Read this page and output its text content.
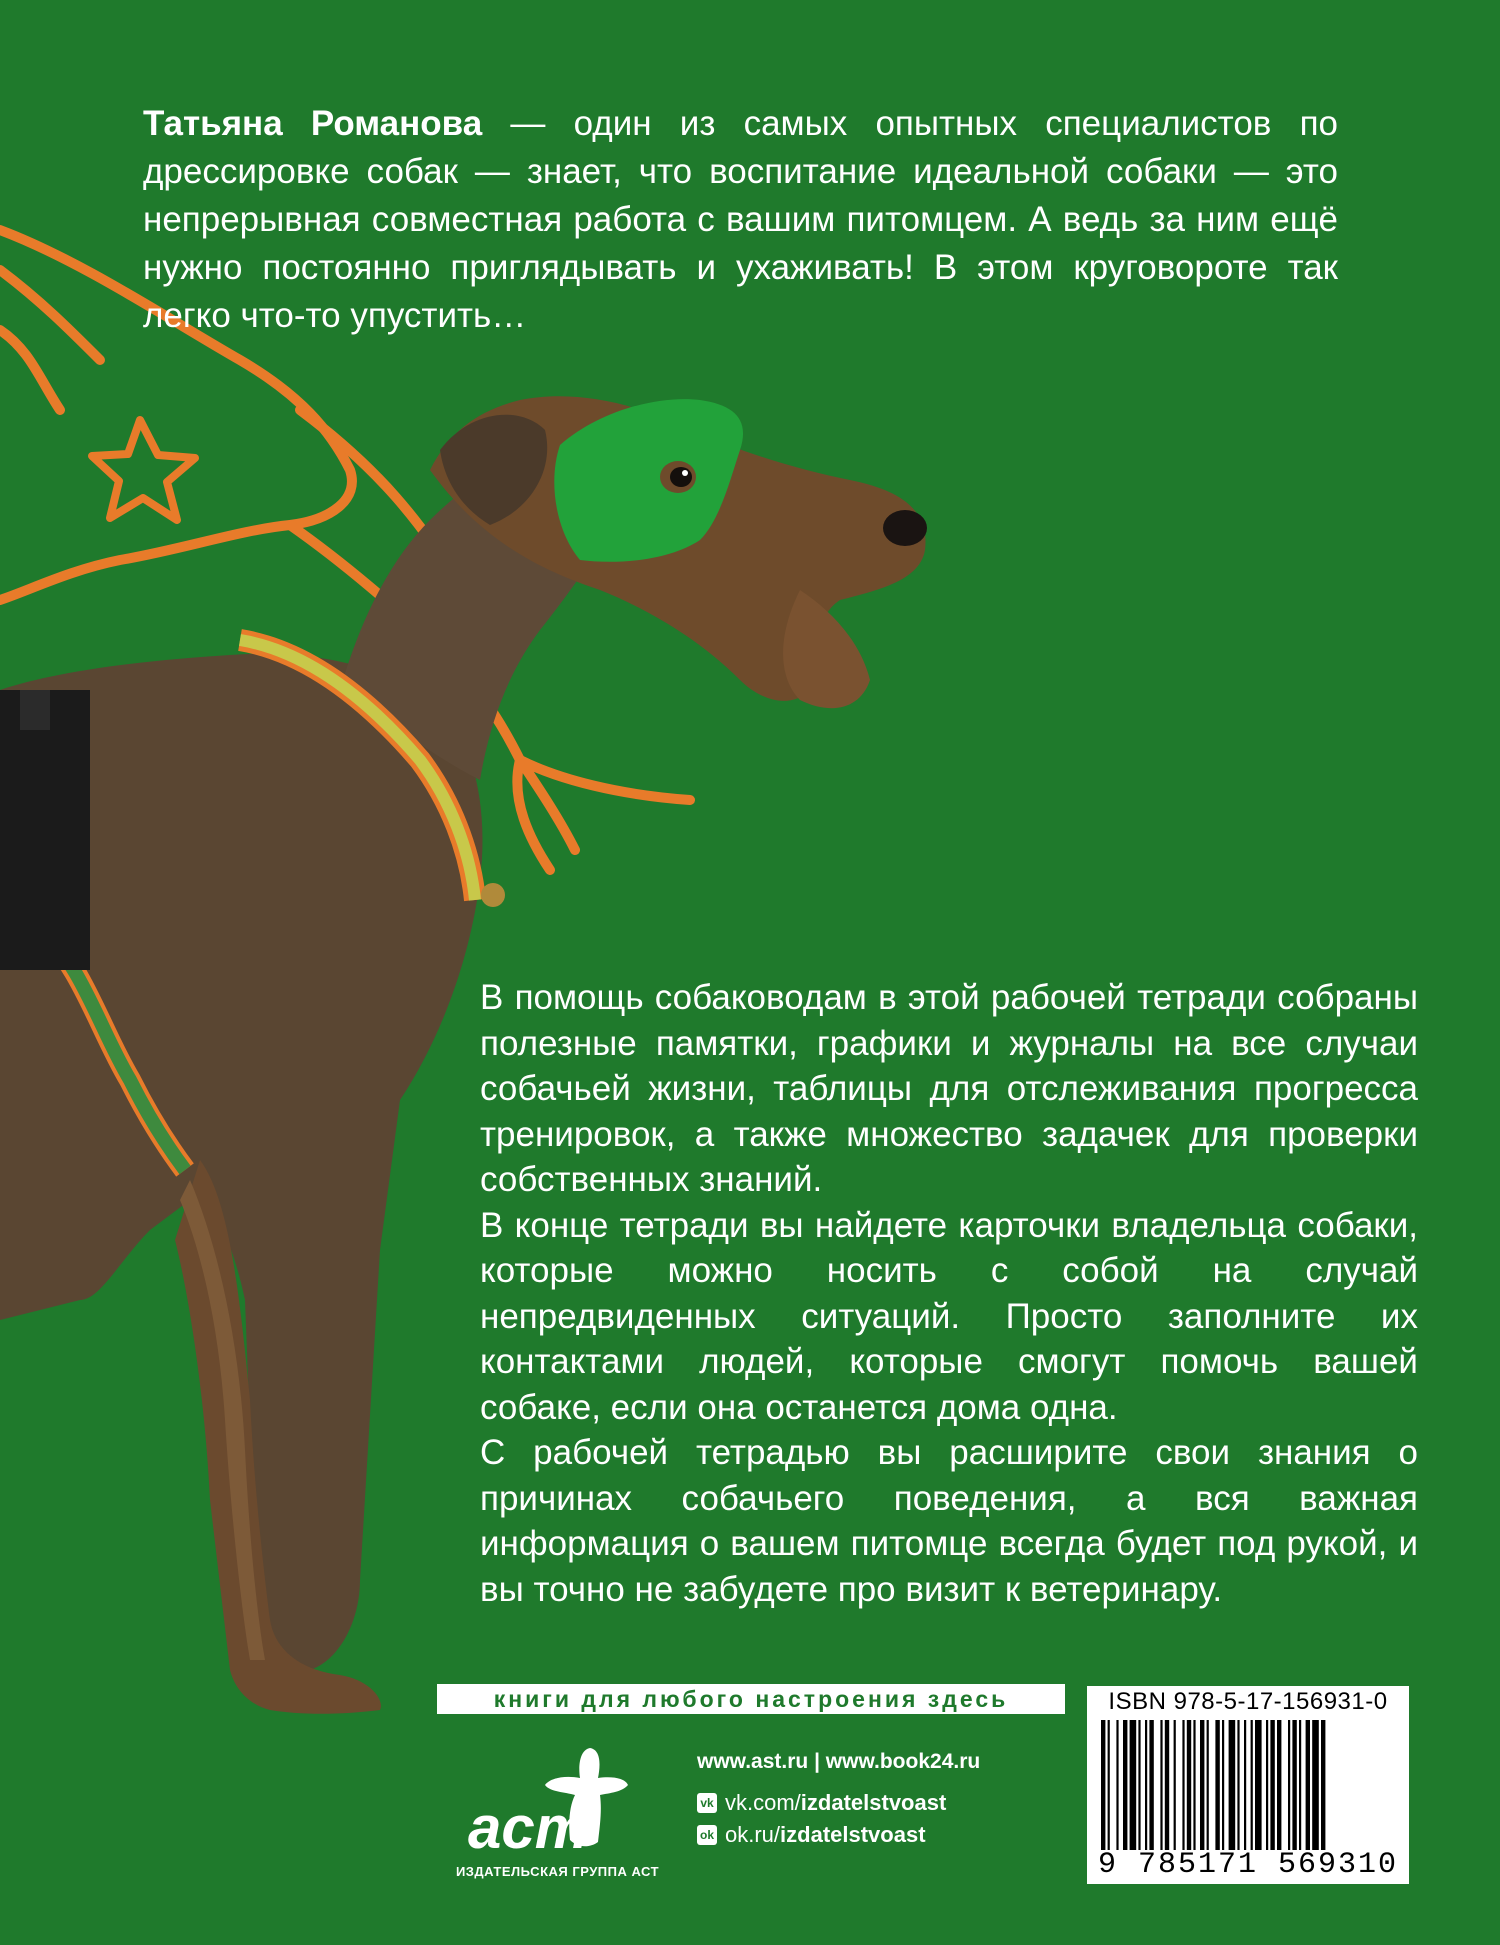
Татьяна Романова — один из самых опытных специалистов по дрессировке собак — знает, что воспитание идеальной собаки — это непрерывная совместная работа с вашим питомцем. А ведь за ним ещё нужно постоянно приглядывать и ухаживать! В этом круговороте так легко что-то упустить…

В помощь собаководам в этой рабочей тетради собраны полезные памятки, графики и журналы на все случаи собачьей жизни, таблицы для отслеживания прогресса тренировок, а также множество задачек для проверки собственных знаний.

В конце тетради вы найдете карточки владельца собаки, которые можно носить с собой на случай непредвиденных ситуаций. Просто заполните их контактами людей, которые смогут помочь вашей собаке, если она останется дома одна.

С рабочей тетрадью вы расширите свои знания о причинах собачьего поведения, а вся важная информация о вашем питомце всегда будет под рукой, и вы точно не забудете про визит к ветеринару.

книги для любого настроения здесь
аст
ИЗДАТЕЛЬСКАЯ ГРУППА АСТ
www.ast.ru | www.book24.ru
vk vk.com/ izdatelstvoast
ok ok.ru/ izdatelstvoast
ISBN 978-5-17-156931-0
9 785171 569310
